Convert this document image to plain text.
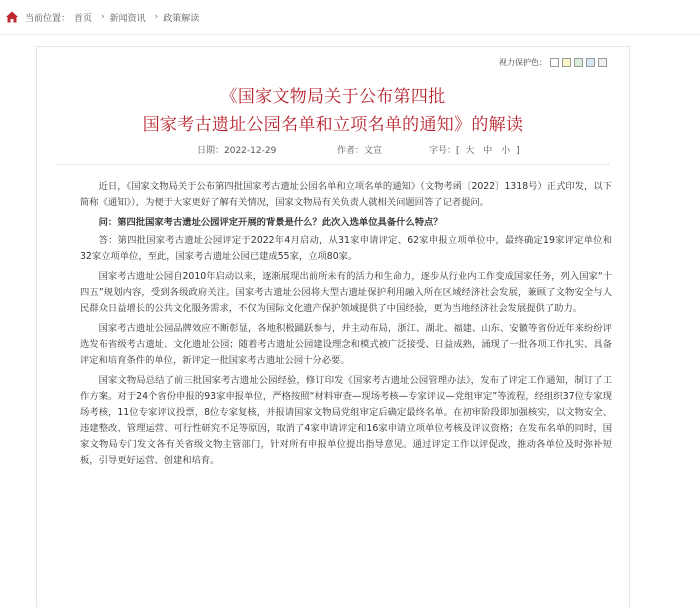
当前位置： 首页 › 新闻资讯 › 政策解读
视力保护色：
《国家文物局关于公布第四批
国家考古遗址公园名单和立项名单的通知》的解读
日期：2022-12-29	作者：文宣	字号：[ 大 中 小 ]

近日，《国家文物局关于公布第四批国家考古遗址公园名单和立项名单的通知》（文物考函〔2022〕1318号）正式印发，以下简称《通知》），为便于大家更好了解有关情况，国家文物局有关负责人就相关问题回答了记者提问。

问：第四批国家考古遗址公园评定开展的背景是什么？此次入选单位具备什么特点？

答：第四批国家考古遗址公园评定于2022年4月启动，从31家申请评定、62家申报立项单位中，最终确定19家评定单位和32家立项单位，至此，国家考古遗址公园已建成55家，立项80家。

国家考古遗址公园自2010年启动以来，逐渐展现出前所未有的活力和生命力，逐步从行业内工作变成国家任务，列入国家“十四五”规划内容，受到各级政府关注。国家考古遗址公园将大型古遗址保护利用融入所在区域经济社会发展，兼顾了文物安全与人民群众日益增长的公共文化服务需求，不仅为国际文化遗产保护领域提供了中国经验，更为当地经济社会发展提供了助力。

国家考古遗址公园品牌效应不断彰显，各地积极踊跃参与，并主动布局，浙江、湖北、福建、山东、安徽等省份近年来纷纷评选发布省级考古遗址、文化遗址公园；随着考古遗址公园建设理念和模式被广泛接受、日益成熟，涌现了一批各项工作扎实、具备评定和培育条件的单位，新评定一批国家考古遗址公园十分必要。

国家文物局总结了前三批国家考古遗址公园经验，修订印发《国家考古遗址公园管理办法》，发布了评定工作通知，制订了工作方案。对于24个省份申报的93家申报单位，严格按照“材料审查—现场考核—专家评议—党组审定”等流程，经组织37位专家现场考核，11位专家评议投票，8位专家复核，并报请国家文物局党组审定后确定最终名单。在初审阶段即加强核实，以文物安全、违建整改、管理运营、可行性研究不足等原因，取消了4家申请评定和16家申请立项单位考核及评议资格；在发布名单的同时，国家文物局专门发文各有关省级文物主管部门，针对所有申报单位提出指导意见。通过评定工作以评促改，推动各单位及时弥补短板，引导更好运营、创建和培育。
